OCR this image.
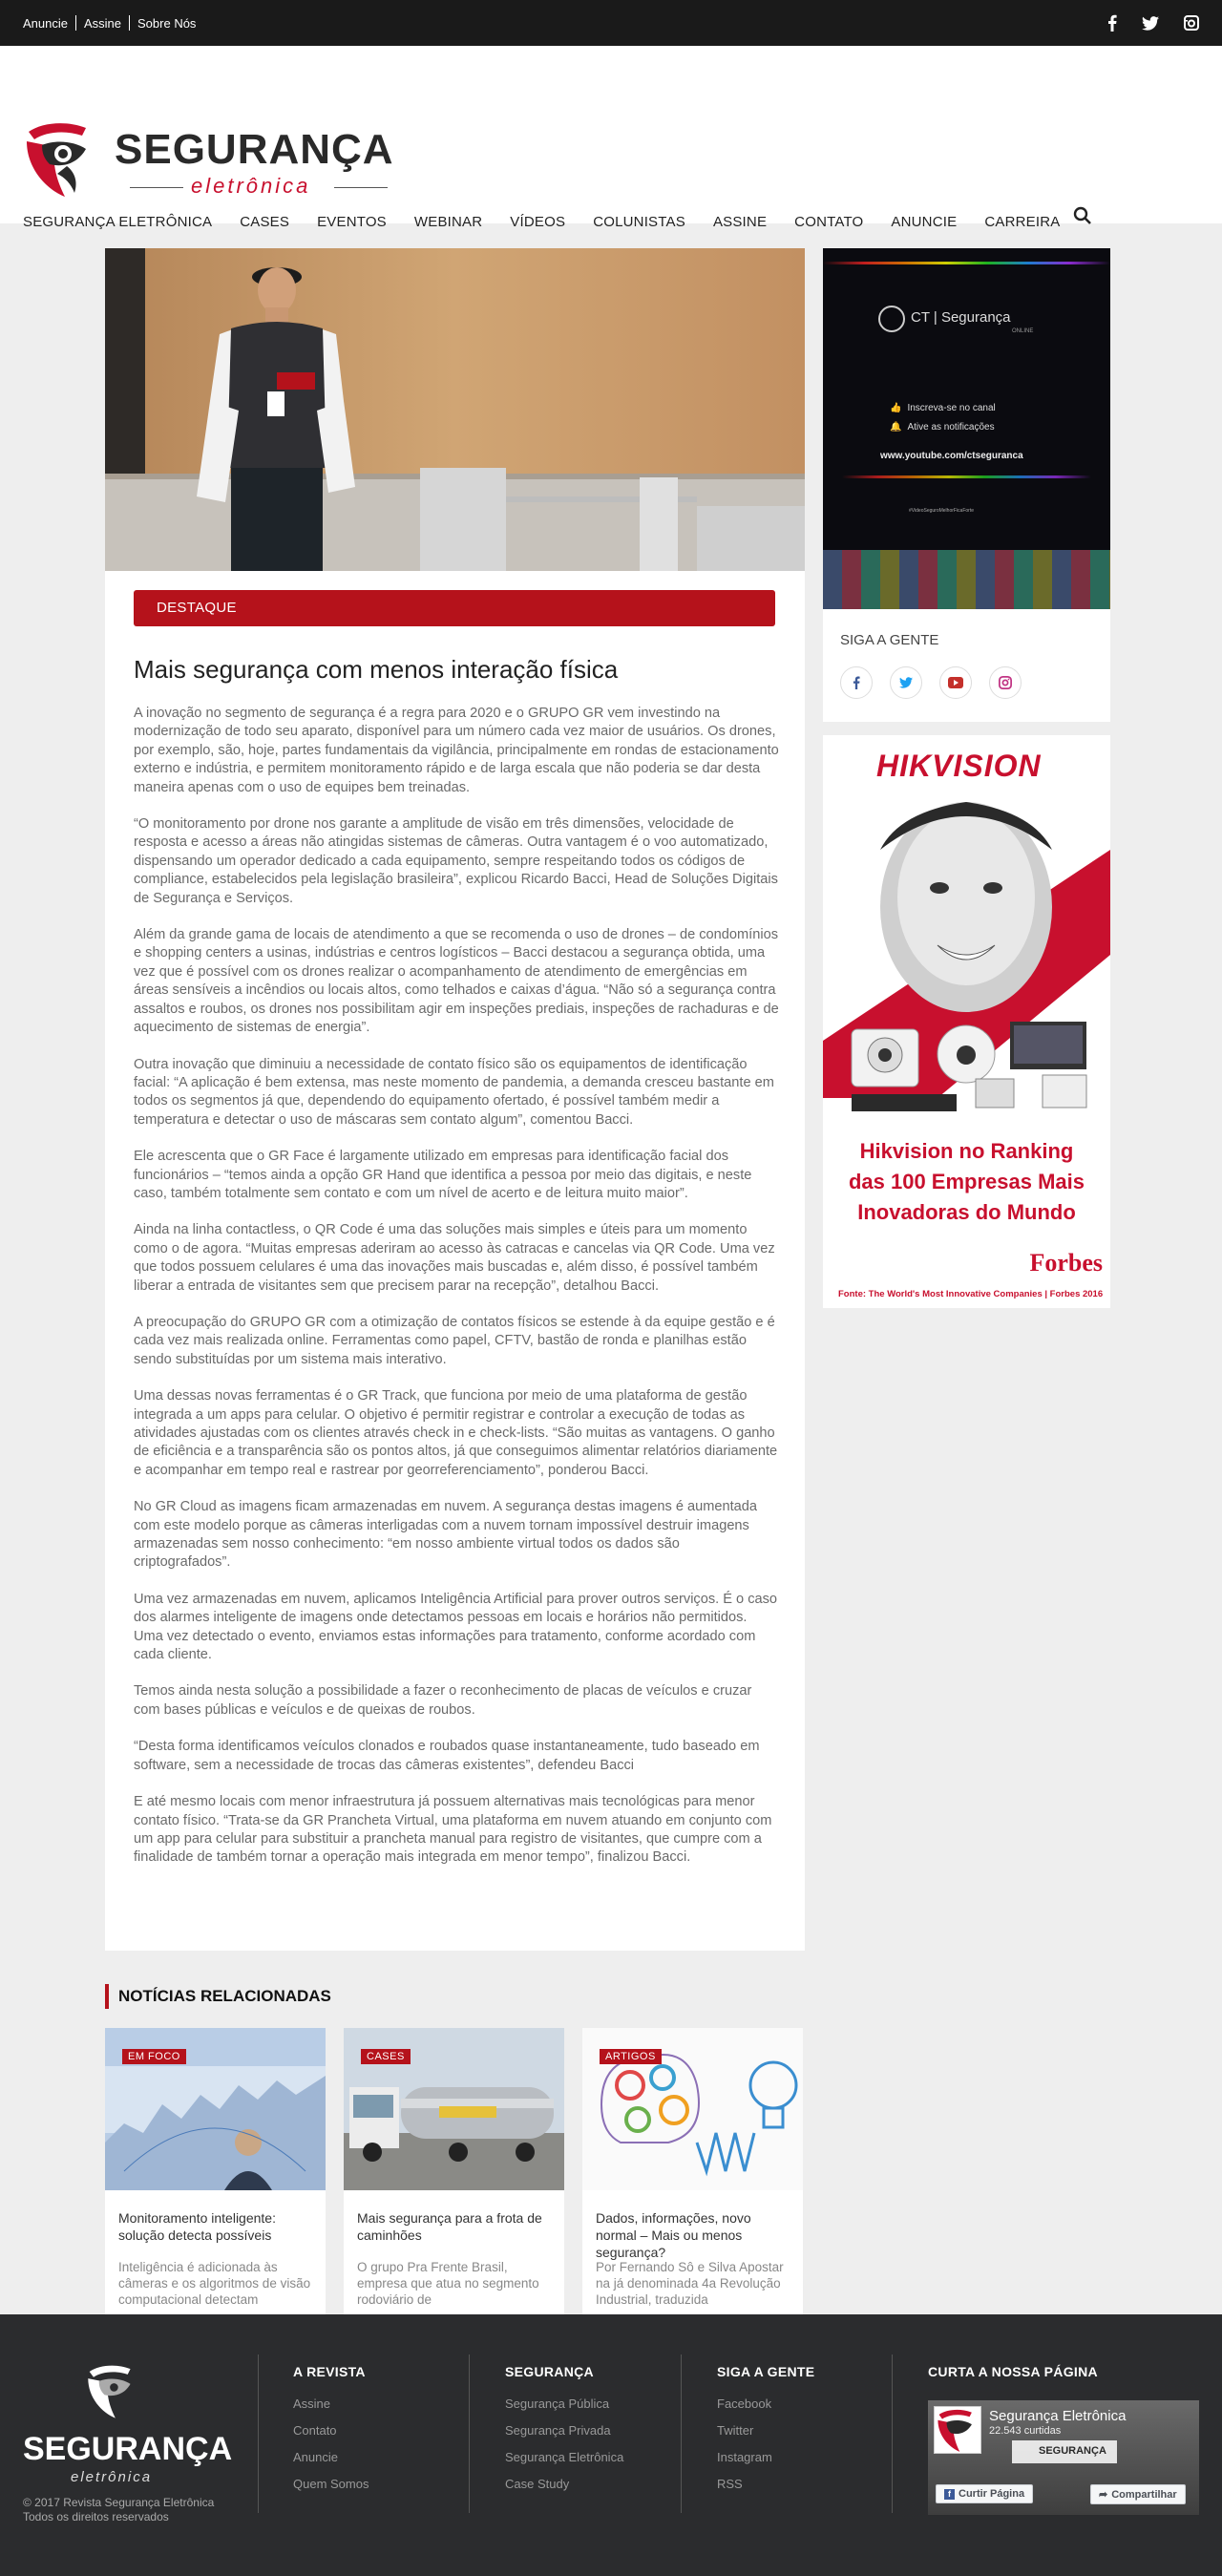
Anuncie Assine Sobre Nós
SEGURANÇA
eletrônica
SEGURANÇA ELETRÔNICA CASES EVENTOS WEBINAR VÍDEOS COLUNISTAS ASSINE CONTATO ANUNCIE CARREIRA
DESTAQUE
Mais segurança com menos interação física

A inovação no segmento de segurança é a regra para 2020 e o GRUPO GR vem investindo na modernização de todo seu aparato, disponível para um número cada vez maior de usuários. Os drones, por exemplo, são, hoje, partes fundamentais da vigilância, principalmente em rondas de estacionamento externo e indústria, e permitem monitoramento rápido e de larga escala que não poderia se dar desta maneira apenas com o uso de equipes bem treinadas.

“O monitoramento por drone nos garante a amplitude de visão em três dimensões, velocidade de resposta e acesso a áreas não atingidas sistemas de câmeras. Outra vantagem é o voo automatizado, dispensando um operador dedicado a cada equipamento, sempre respeitando todos os códigos de compliance, estabelecidos pela legislação brasileira”, explicou Ricardo Bacci, Head de Soluções Digitais de Segurança e Serviços.

Além da grande gama de locais de atendimento a que se recomenda o uso de drones – de condomínios e shopping centers a usinas, indústrias e centros logísticos – Bacci destacou a segurança obtida, uma vez que é possível com os drones realizar o acompanhamento de atendimento de emergências em áreas sensíveis a incêndios ou locais altos, como telhados e caixas d’água. “Não só a segurança contra assaltos e roubos, os drones nos possibilitam agir em inspeções prediais, inspeções de rachaduras e de aquecimento de sistemas de energia”.

Outra inovação que diminuiu a necessidade de contato físico são os equipamentos de identificação facial: “A aplicação é bem extensa, mas neste momento de pandemia, a demanda cresceu bastante em todos os segmentos já que, dependendo do equipamento ofertado, é possível também medir a temperatura e detectar o uso de máscaras sem contato algum”, comentou Bacci.

Ele acrescenta que o GR Face é largamente utilizado em empresas para identificação facial dos funcionários – “temos ainda a opção GR Hand que identifica a pessoa por meio das digitais, e neste caso, também totalmente sem contato e com um nível de acerto e de leitura muito maior”.

Ainda na linha contactless, o QR Code é uma das soluções mais simples e úteis para um momento como o de agora. “Muitas empresas aderiram ao acesso às catracas e cancelas via QR Code. Uma vez que todos possuem celulares é uma das inovações mais buscadas e, além disso, é possível também liberar a entrada de visitantes sem que precisem parar na recepção”, detalhou Bacci.

A preocupação do GRUPO GR com a otimização de contatos físicos se estende à da equipe gestão e é cada vez mais realizada online. Ferramentas como papel, CFTV, bastão de ronda e planilhas estão sendo substituídas por um sistema mais interativo.

Uma dessas novas ferramentas é o GR Track, que funciona por meio de uma plataforma de gestão integrada a um apps para celular. O objetivo é permitir registrar e controlar a execução de todas as atividades ajustadas com os clientes através check in e check-lists. “São muitas as vantagens. O ganho de eficiência e a transparência são os pontos altos, já que conseguimos alimentar relatórios diariamente e acompanhar em tempo real e rastrear por georreferenciamento”, ponderou Bacci.

No GR Cloud as imagens ficam armazenadas em nuvem. A segurança destas imagens é aumentada com este modelo porque as câmeras interligadas com a nuvem tornam impossível destruir imagens armazenadas sem nosso conhecimento: “em nosso ambiente virtual todos os dados são criptografados”.

Uma vez armazenadas em nuvem, aplicamos Inteligência Artificial para prover outros serviços. É o caso dos alarmes inteligente de imagens onde detectamos pessoas em locais e horários não permitidos. Uma vez detectado o evento, enviamos estas informações para tratamento, conforme acordado com cada cliente.

Temos ainda nesta solução a possibilidade a fazer o reconhecimento de placas de veículos e cruzar com bases públicas e veículos e de queixas de roubos.

“Desta forma identificamos veículos clonados e roubados quase instantaneamente, tudo baseado em software, sem a necessidade de trocas das câmeras existentes”, defendeu Bacci

E até mesmo locais com menor infraestrutura já possuem alternativas mais tecnológicas para menor contato físico. “Trata-se da GR Prancheta Virtual, uma plataforma em nuvem atuando em conjunto com um app para celular para substituir a prancheta manual para registro de visitantes, que cumpre com a finalidade de também tornar a operação mais integrada em menor tempo”, finalizou Bacci.

CT | Segurança
ONLINE
👍 Inscreva-se no canal
🔔 Ative as notificações
www.youtube.com/ctseguranca
#VideoSeguroMelhorFicaForte
SIGA A GENTE
HIKVISION
Hikvision no Ranking das 100 Empresas Mais Inovadoras do Mundo
Forbes
Fonte: The World's Most Innovative Companies | Forbes 2016
NOTÍCIAS RELACIONADAS
EM FOCO
Monitoramento inteligente: solução detecta possíveis
Inteligência é adicionada às câmeras e os algoritmos de visão computacional detectam
CASES
Mais segurança para a frota de caminhões
O grupo Pra Frente Brasil, empresa que atua no segmento rodoviário de
ARTIGOS
Dados, informações, novo normal – Mais ou menos segurança?
Por Fernando Sô e Silva Apostar na já denominada 4a Revolução Industrial, traduzida
SEGURANÇA
eletrônica
© 2017 Revista Segurança Eletrônica
Todos os direitos reservados
A REVISTA
Assine
Contato
Anuncie
Quem Somos
SEGURANÇA
Segurança Pública
Segurança Privada
Segurança Eletrônica
Case Study
SIGA A GENTE
Facebook
Twitter
Instagram
RSS
CURTA A NOSSA PÁGINA
Segurança Eletrônica
22.543 curtidas
SEGURANÇA
f Curtir Página	➦ Compartilhar
